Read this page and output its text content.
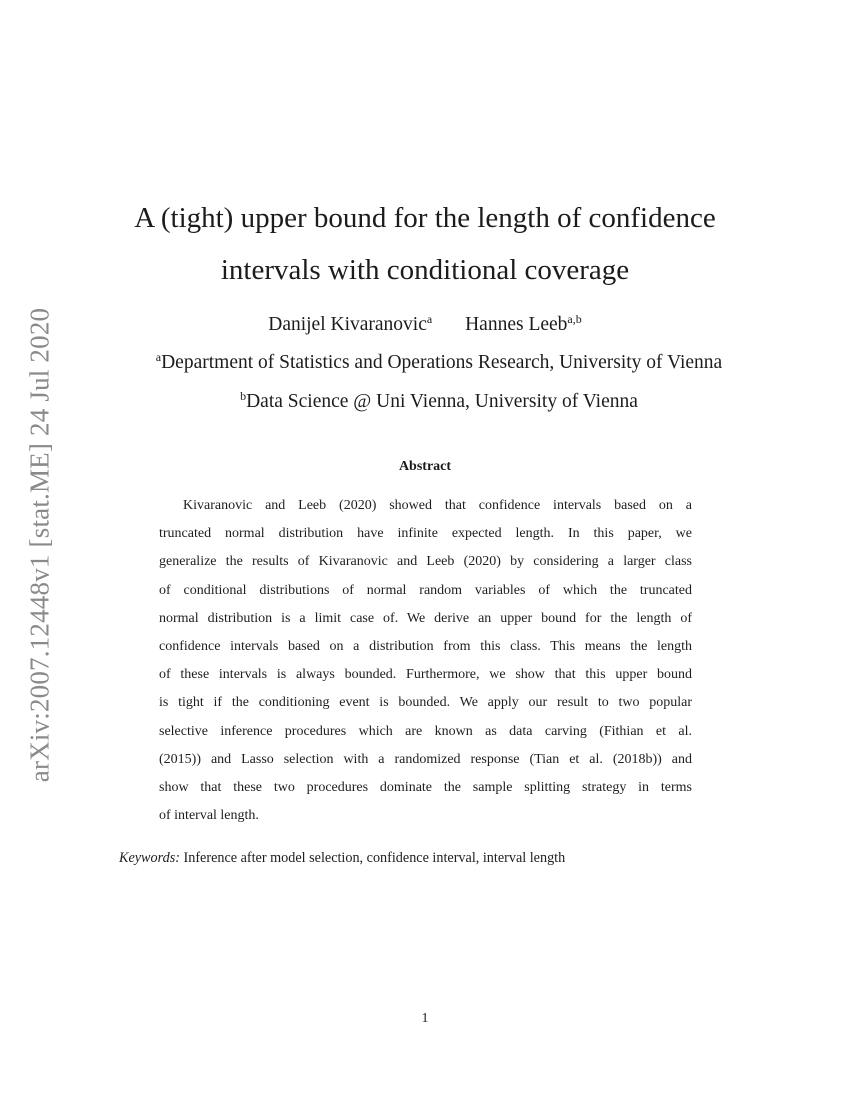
arXiv:2007.12448v1 [stat.ME] 24 Jul 2020
A (tight) upper bound for the length of confidence
intervals with conditional coverage
Danijel Kivaranovic$^a$ Hannes Leeb$^{a,b}$
$^a$Department of Statistics and Operations Research, University of Vienna
$^b$Data Science @ Uni Vienna, University of Vienna
Abstract
Kivaranovic and Leeb (2020) showed that confidence intervals based on a
truncated normal distribution have infinite expected length. In this paper, we
generalize the results of Kivaranovic and Leeb (2020) by considering a larger class
of conditional distributions of normal random variables of which the truncated
normal distribution is a limit case of. We derive an upper bound for the length of
confidence intervals based on a distribution from this class. This means the length
of these intervals is always bounded. Furthermore, we show that this upper bound
is tight if the conditioning event is bounded. We apply our result to two popular
selective inference procedures which are known as data carving (Fithian et al.
(2015)) and Lasso selection with a randomized response (Tian et al. (2018b)) and
show that these two procedures dominate the sample splitting strategy in terms
of interval length.
Keywords: Inference after model selection, confidence interval, interval length
1
